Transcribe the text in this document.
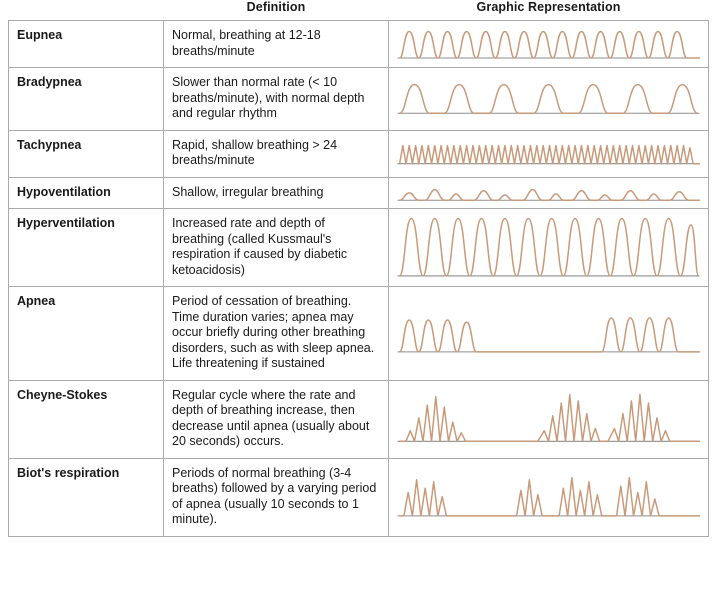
	Definition	Graphic Representation
Eupnea	Normal, breathing at 12-18 breaths/minute	

Bradypnea	Slower than normal rate (< 10 breaths/minute), with normal depth and regular rhythm	

Tachypnea	Rapid, shallow breathing > 24 breaths/minute	

Hypoventilation	Shallow, irregular breathing	

Hyperventilation	Increased rate and depth of breathing (called Kussmaul's respiration if caused by diabetic ketoacidosis)	

Apnea	Period of cessation of breathing. Time duration varies; apnea may occur briefly during other breathing disorders, such as with sleep apnea. Life threatening if sustained	

Cheyne-Stokes	Regular cycle where the rate and depth of breathing increase, then decrease until apnea (usually about 20 seconds) occurs.	

Biot's respiration	Periods of normal breathing (3-4 breaths) followed by a varying period of apnea (usually 10 seconds to 1 minute).	
